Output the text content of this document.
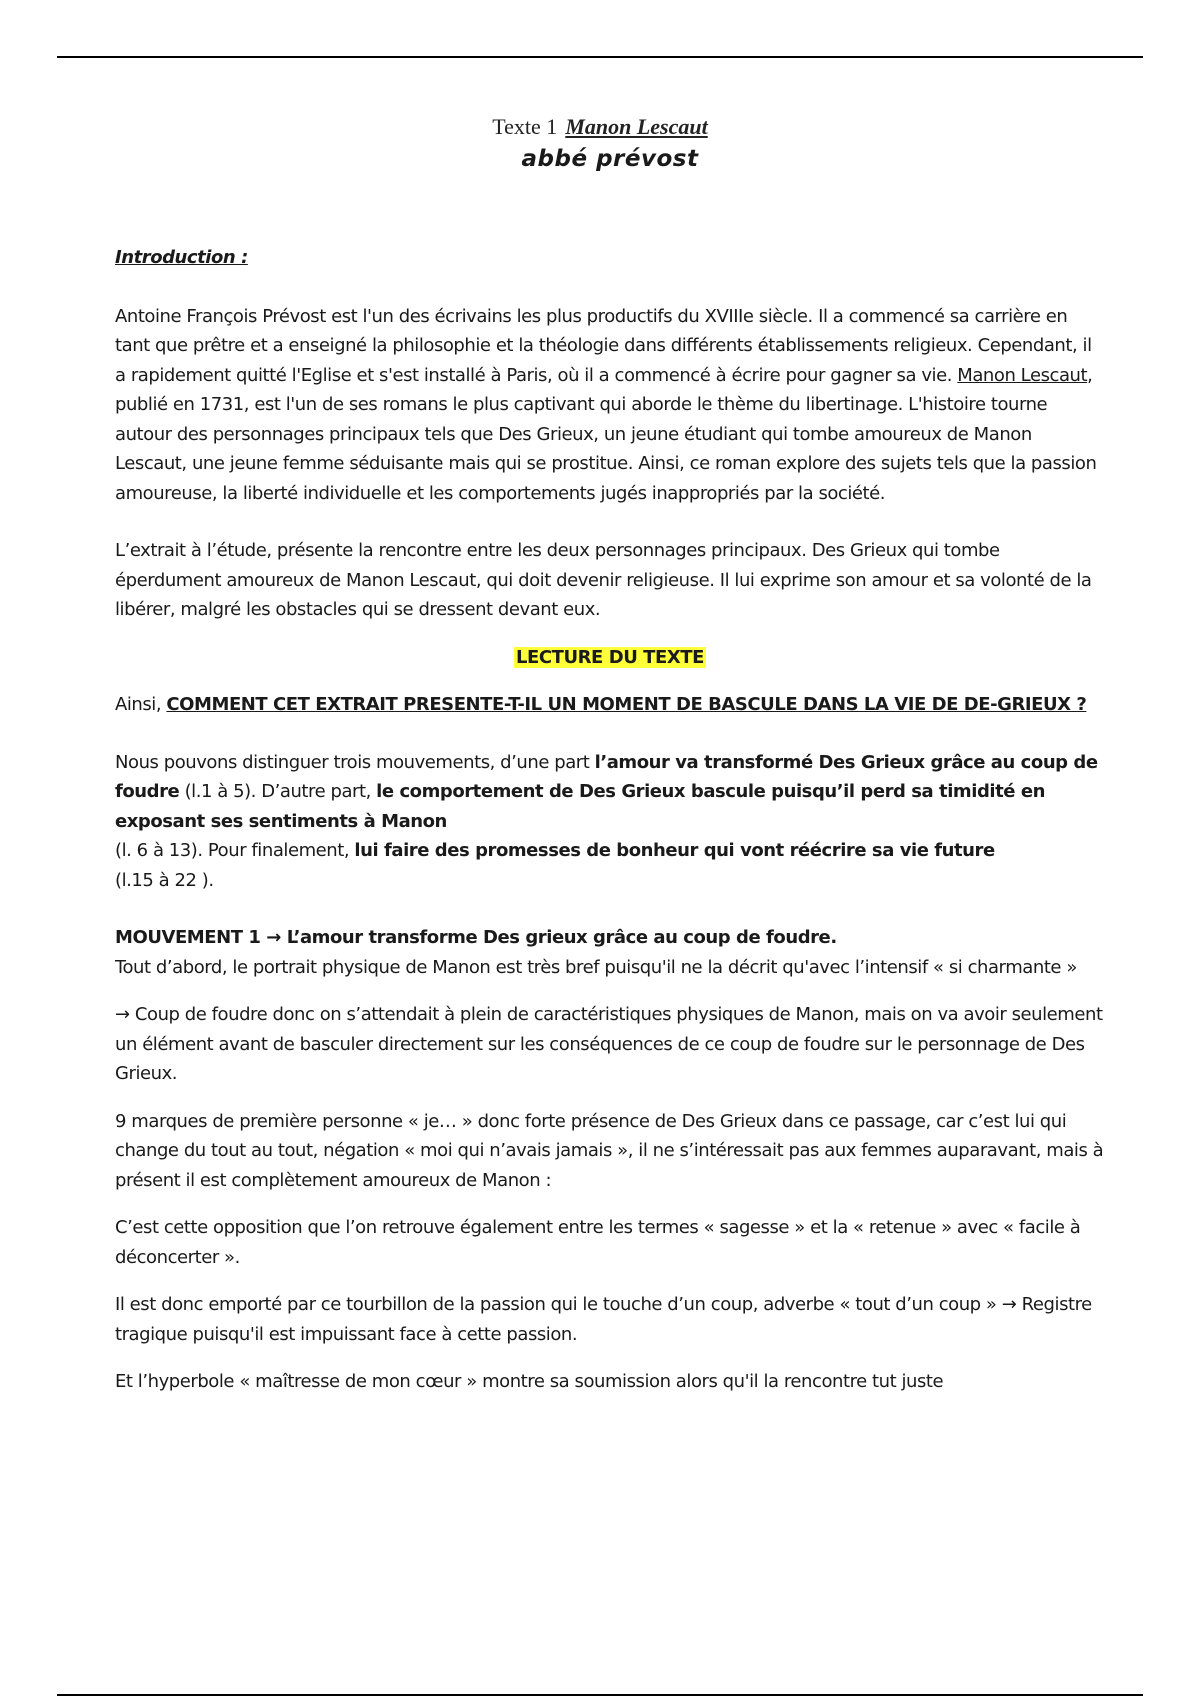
Texte 1 Manon Lescaut
abbé prévost

Introduction :

Antoine François Prévost est l'un des écrivains les plus productifs du XVIIIe siècle. Il a commencé sa carrière en tant que prêtre et a enseigné la philosophie et la théologie dans différents établissements religieux. Cependant, il a rapidement quitté l'Eglise et s'est installé à Paris, où il a commencé à écrire pour gagner sa vie. Manon Lescaut, publié en 1731, est l'un de ses romans le plus captivant qui aborde le thème du libertinage. L'histoire tourne autour des personnages principaux tels que Des Grieux, un jeune étudiant qui tombe amoureux de Manon Lescaut, une jeune femme séduisante mais qui se prostitue. Ainsi, ce roman explore des sujets tels que la passion amoureuse, la liberté individuelle et les comportements jugés inappropriés par la société.

L’extrait à l’étude, présente la rencontre entre les deux personnages principaux. Des Grieux qui tombe éperdument amoureux de Manon Lescaut, qui doit devenir religieuse. Il lui exprime son amour et sa volonté de la libérer, malgré les obstacles qui se dressent devant eux.

LECTURE DU TEXTE

Ainsi, COMMENT CET EXTRAIT PRESENTE-T-IL UN MOMENT DE BASCULE DANS LA VIE DE DE-GRIEUX ?

Nous pouvons distinguer trois mouvements, d’une part l’amour va transformé Des Grieux grâce au coup de foudre (l.1 à 5). D’autre part, le comportement de Des Grieux bascule puisqu’il perd sa timidité en exposant ses sentiments à Manon
(l. 6 à 13). Pour finalement, lui faire des promesses de bonheur qui vont réécrire sa vie future
(l.15 à 22 ).

MOUVEMENT 1 → L’amour transforme Des grieux grâce au coup de foudre.

Tout d’abord, le portrait physique de Manon est très bref puisqu'il ne la décrit qu'avec l’intensif « si charmante »

→ Coup de foudre donc on s’attendait à plein de caractéristiques physiques de Manon, mais on va avoir seulement un élément avant de basculer directement sur les conséquences de ce coup de foudre sur le personnage de Des Grieux.

9 marques de première personne « je… » donc forte présence de Des Grieux dans ce passage, car c’est lui qui change du tout au tout, négation « moi qui n’avais jamais », il ne s’intéressait pas aux femmes auparavant, mais à présent il est complètement amoureux de Manon :

C’est cette opposition que l’on retrouve également entre les termes « sagesse » et la « retenue » avec « facile à déconcerter ».

Il est donc emporté par ce tourbillon de la passion qui le touche d’un coup, adverbe « tout d’un coup » → Registre tragique puisqu'il est impuissant face à cette passion.

Et l’hyperbole « maîtresse de mon cœur » montre sa soumission alors qu'il la rencontre tut juste
